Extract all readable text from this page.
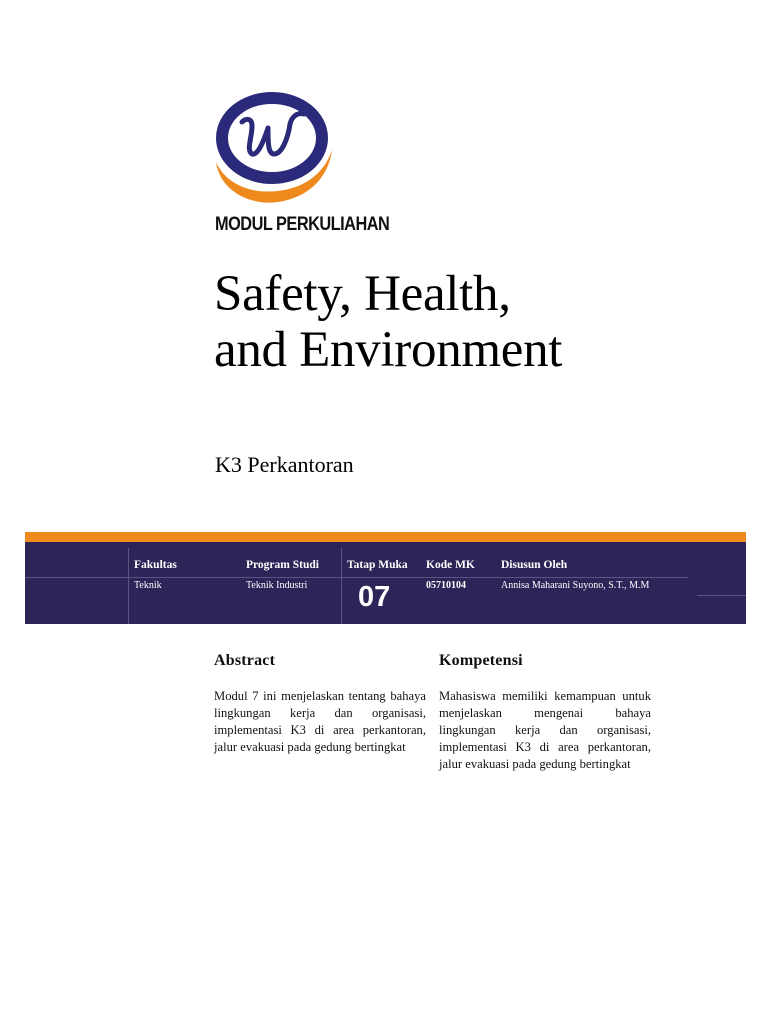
MODUL PERKULIAHAN
Safety, Health,
and Environment
K3 Perkantoran
Fakultas
Teknik
Program Studi
Teknik Industri
Tatap Muka
07
Kode MK
05710104
Disusun Oleh
Annisa Maharani Suyono, S.T., M.M
Abstract

Modul 7 ini menjelaskan tentang bahaya lingkungan kerja dan organisasi, implementasi K3 di area perkantoran, jalur evakuasi pada gedung bertingkat

Kompetensi

Mahasiswa memiliki kemampuan untuk menjelaskan mengenai bahaya lingkungan kerja dan organisasi, implementasi K3 di area perkantoran, jalur evakuasi pada gedung bertingkat
